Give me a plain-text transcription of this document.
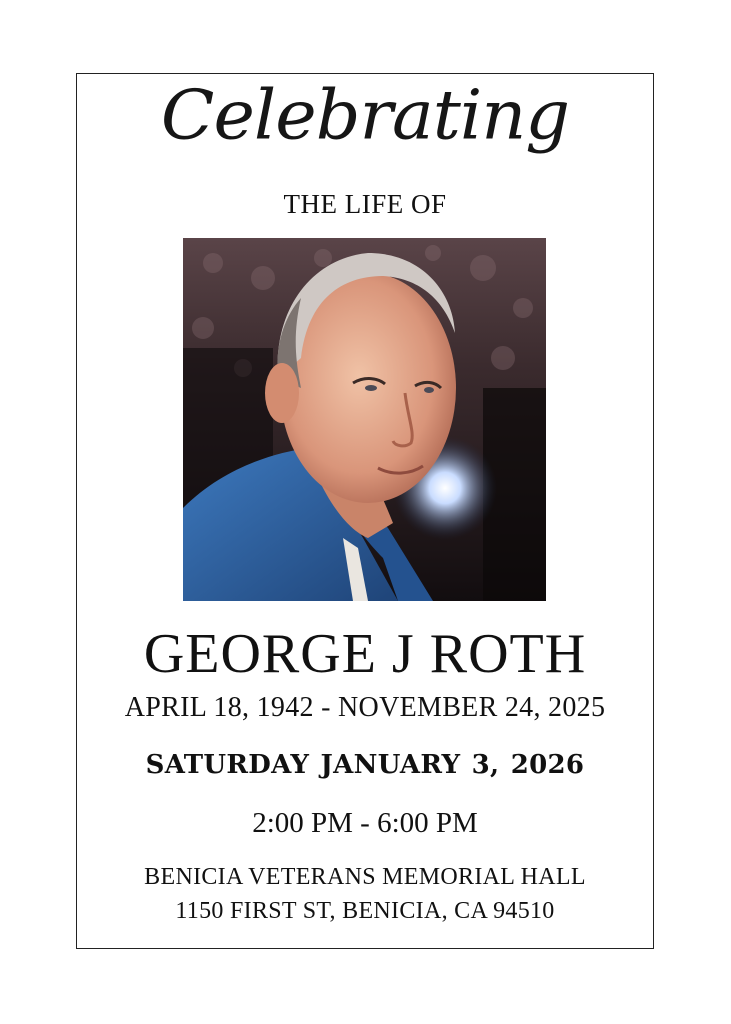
Celebrating
THE LIFE OF
GEORGE J ROTH
APRIL 18, 1942 - NOVEMBER 24, 2025
SATURDAY JANUARY 3, 2026
2:00 PM - 6:00 PM
BENICIA VETERANS MEMORIAL HALL
1150 FIRST ST, BENICIA, CA 94510
